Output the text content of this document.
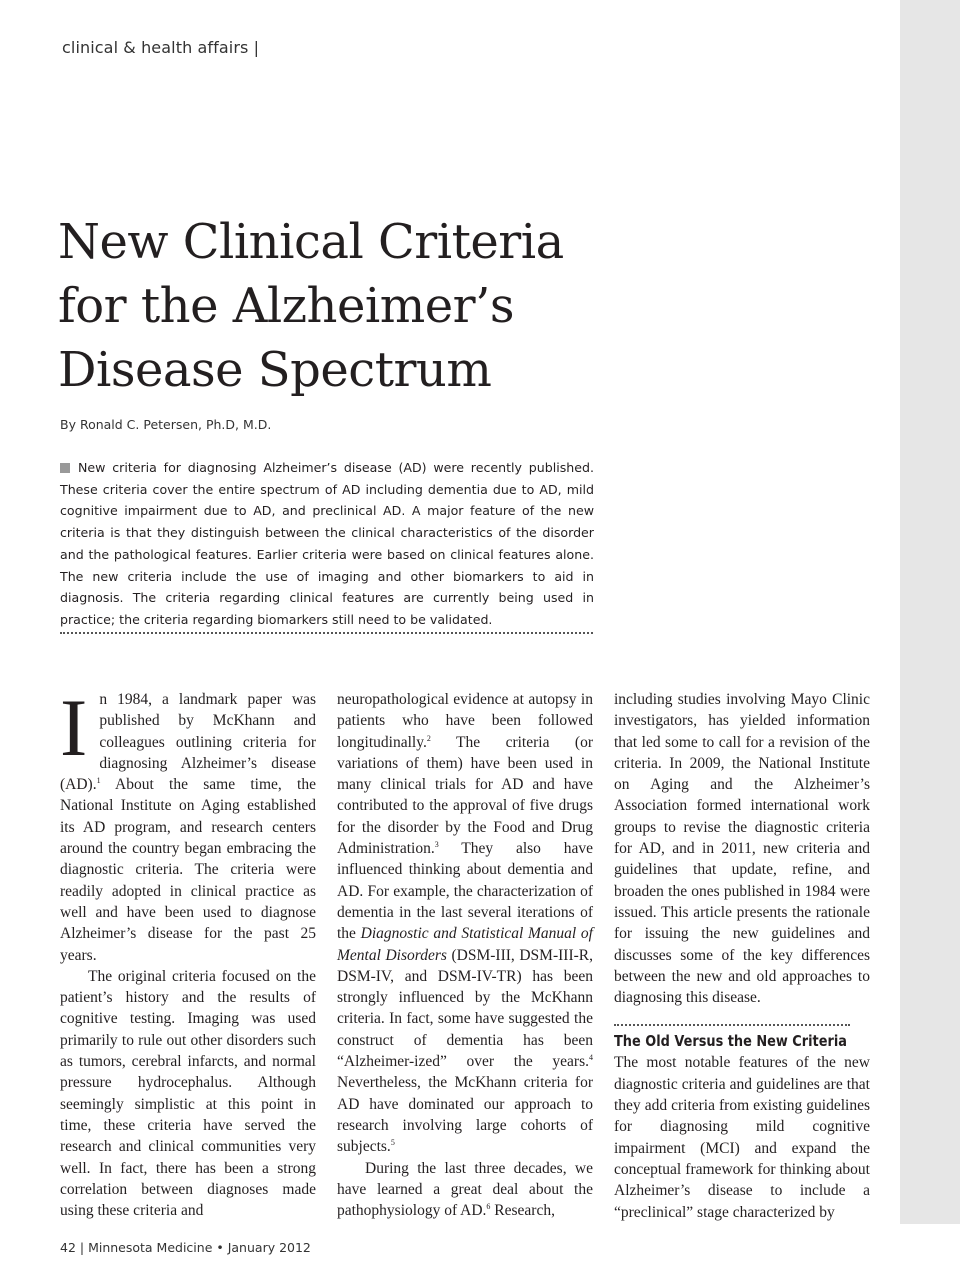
clinical & health affairs |
New Clinical Criteria
for the Alzheimer’s
Disease Spectrum
By Ronald C. Petersen, Ph.D, M.D.

New criteria for diagnosing Alzheimer’s disease (AD) were recently published. These criteria cover the entire spectrum of AD including dementia due to AD, mild cognitive impairment due to AD, and preclinical AD. A major feature of the new criteria is that they distinguish between the clinical characteristics of the disorder and the pathological features. Earlier criteria were based on clinical features alone. The new criteria include the use of imaging and other biomarkers to aid in diagnosis. The criteria regarding clinical features are currently being used in practice; the criteria regarding biomarkers still need to be validated.

In 1984, a landmark paper was published by McKhann and colleagues outlining criteria for diagnosing Alzheimer’s disease (AD).$^1$ About the same time, the National Institute on Aging established its AD program, and research centers around the country began embracing the diagnostic criteria. The criteria were readily adopted in clinical practice as well and have been used to diagnose Alzheimer’s disease for the past 25 years.

The original criteria focused on the patient’s history and the results of cognitive testing. Imaging was used primarily to rule out other disorders such as tumors, cerebral infarcts, and normal pressure hydrocephalus. Although seemingly simplistic at this point in time, these criteria have served the research and clinical communities very well. In fact, there has been a strong correlation between diagnoses made using these criteria and

neuropathological evidence at autopsy in patients who have been followed longitudinally.$^2$ The criteria (or variations of them) have been used in many clinical trials for AD and have contributed to the approval of five drugs for the disorder by the Food and Drug Administration.$^3$ They also have influenced thinking about dementia and AD. For example, the characterization of dementia in the last several iterations of the Diagnostic and Statistical Manual of Mental Disorders (DSM-III, DSM-III-R, DSM-IV, and DSM-IV-TR) has been strongly influenced by the McKhann criteria. In fact, some have suggested the construct of dementia has been “Alzheimer-ized” over the years.$^4$ Nevertheless, the McKhann criteria for AD have dominated our approach to research involving large cohorts of subjects.$^5$

During the last three decades, we have learned a great deal about the pathophysiology of AD.$^6$ Research,

including studies involving Mayo Clinic investigators, has yielded information that led some to call for a revision of the criteria. In 2009, the National Institute on Aging and the Alzheimer’s Association formed international work groups to revise the diagnostic criteria for AD, and in 2011, new criteria and guidelines that update, refine, and broaden the ones published in 1984 were issued. This article presents the rationale for issuing the new guidelines and discusses some of the key differences between the new and old approaches to diagnosing this disease.

The Old Versus the New Criteria

The most notable features of the new diagnostic criteria and guidelines are that they add criteria from existing guidelines for diagnosing mild cognitive impairment (MCI) and expand the conceptual framework for thinking about Alzheimer’s disease to include a “preclinical” stage characterized by

42 | Minnesota Medicine • January 2012
